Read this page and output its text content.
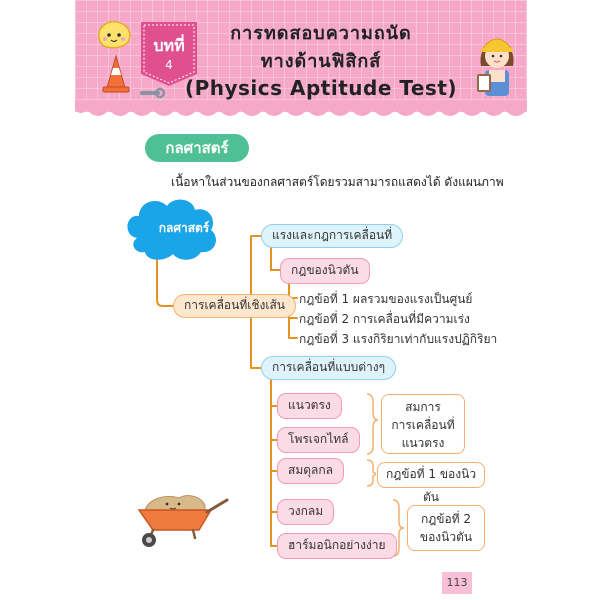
บทที่
4
การทดสอบความถนัด
ทางด้านฟิสิกส์
(Physics Aptitude Test)
กลศาสตร์
เนื้อหาในส่วนของกลศาสตร์โดยรวมสามารถแสดงได้ ดังแผนภาพ
กลศาสตร์
การเคลื่อนที่เชิงเส้น
แรงและกฎการเคลื่อนที่
กฎของนิวตัน
กฎข้อที่ 1 ผลรวมของแรงเป็นศูนย์
กฎข้อที่ 2 การเคลื่อนที่มีความเร่ง
กฎข้อที่ 3 แรงกิริยาเท่ากับแรงปฏิกิริยา
การเคลื่อนที่แบบต่างๆ
แนวตรง
โพรเจกไทล์
สมดุลกล
วงกลม
ฮาร์มอนิกอย่างง่าย
สมการ
การเคลื่อนที่
แนวตรง
กฎข้อที่ 1 ของนิวตัน
กฎข้อที่ 2
ของนิวตัน
113
